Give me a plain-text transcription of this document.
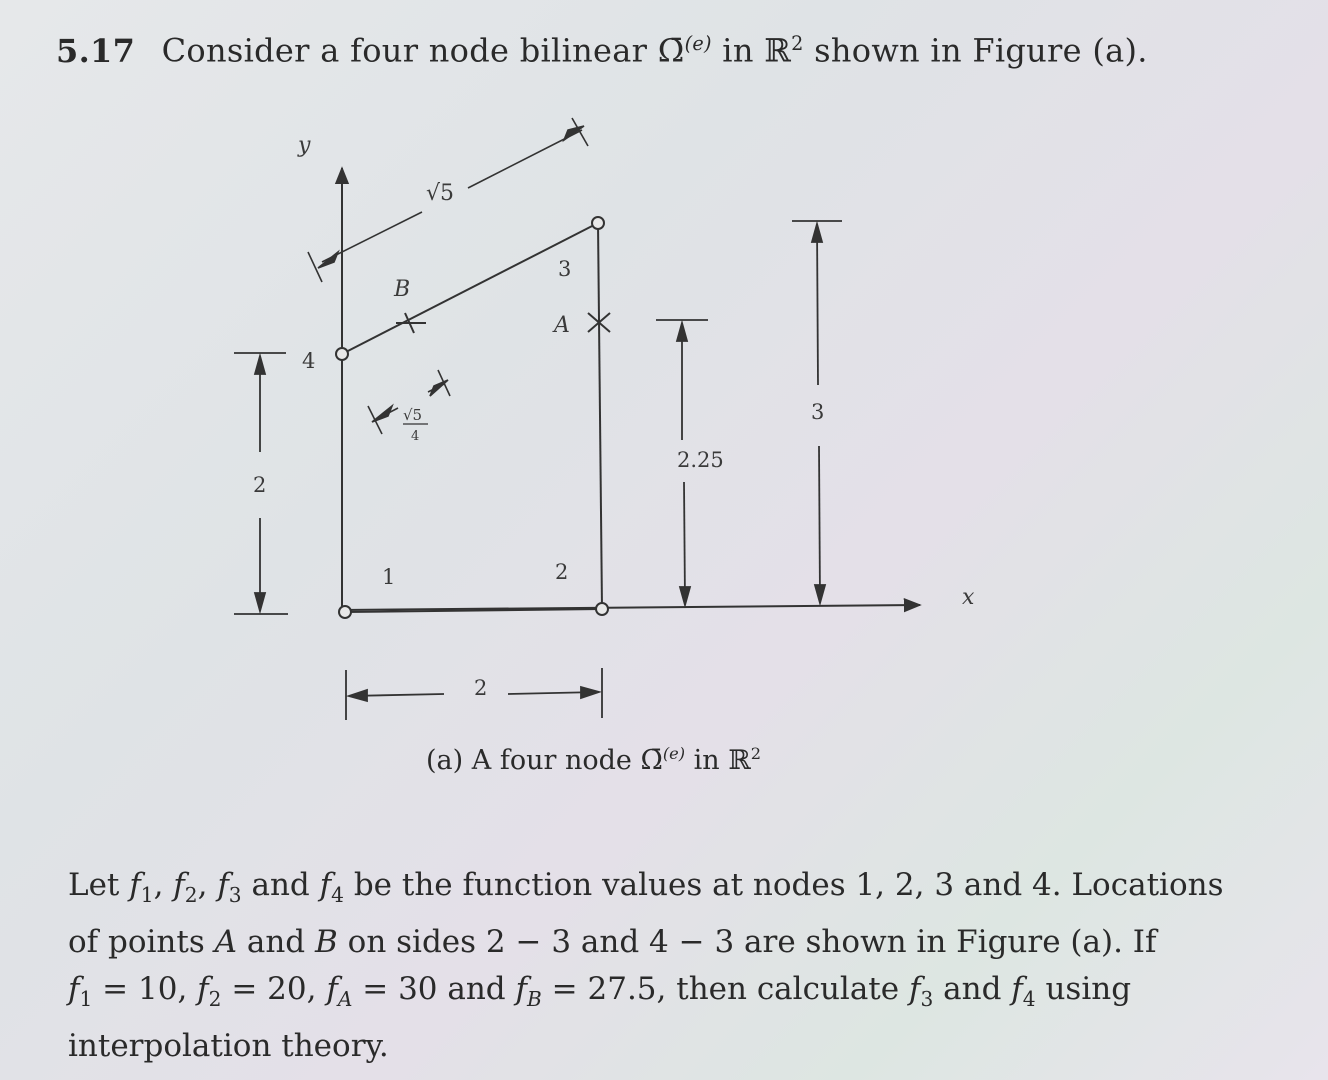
5.17 Consider a four node bilinear Ω̄$^{(e)}$ in ℝ$^2$ shown in Figure (a).
y
x
1	2
3
4
B
A
√5
√5
4
2
2
2.25
3
(a) A four node Ω̄$^{(e)}$ in ℝ$^2$
Let $f_1$, $f_2$, $f_3$ and $f_4$ be the function values at nodes 1, 2, 3 and 4. Locations
of points A and B on sides 2 − 3 and 4 − 3 are shown in Figure (a). If
$f_1 = 10$, $f_2 = 20$, $f_A = 30$ and $f_B = 27.5$, then calculate $f_3$ and $f_4$ using
interpolation theory.
